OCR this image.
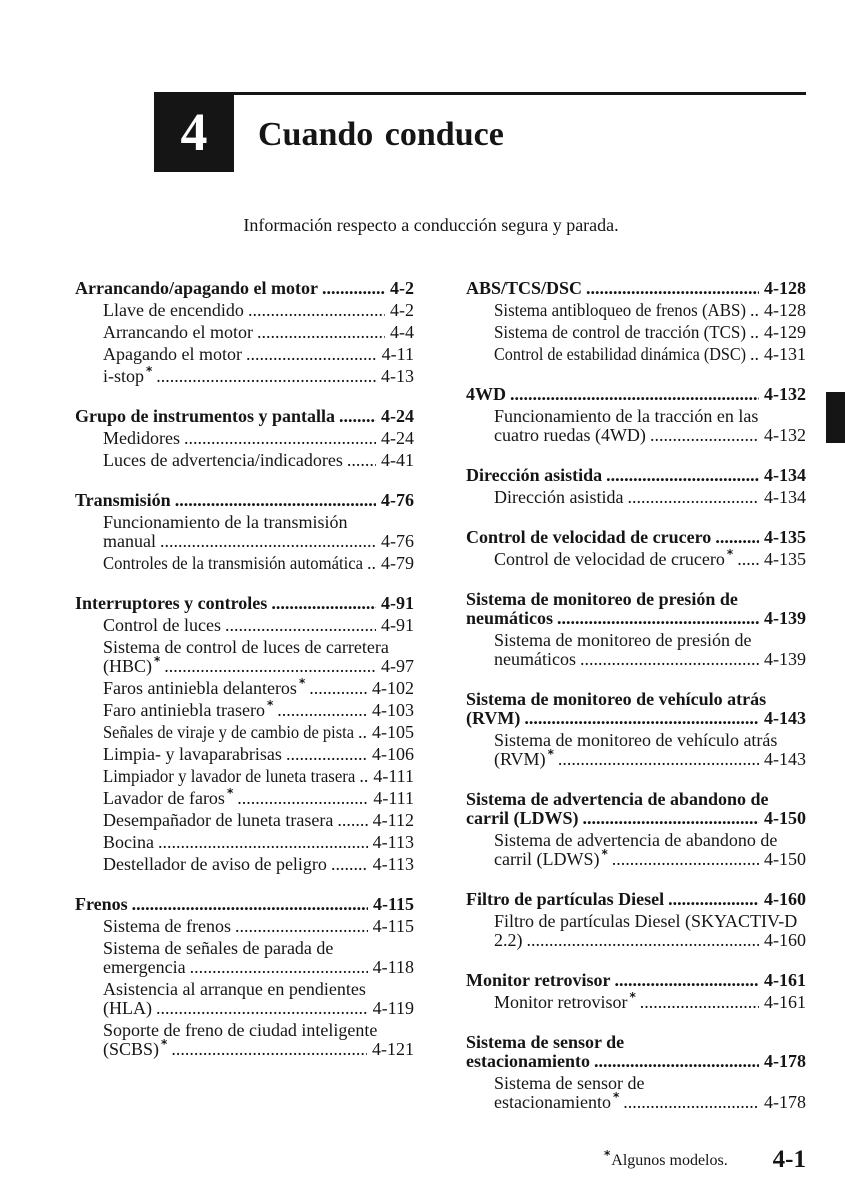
4	Cuando conduce
Información respecto a conducción segura y parada.
Arrancando/apagando el motor .....	4-2
Llave de encendido .....	4-2
Arrancando el motor .....	4-4
Apagando el motor .....	4-11
i-stop * .....	4-13
Grupo de instrumentos y pantalla .....	4-24
Medidores .....	4-24
Luces de advertencia/indicadores ..... 4-41
Transmisión .....	4-76
Funcionamiento de la transmisión
manual .....	4-76
Controles de la transmisión automática ..... 4-79
Interruptores y controles .....	4-91
Control de luces .....	4-91
Sistema de control de luces de carretera
(HBC) * .....	4-97
Faros antiniebla delanteros * .....	4-102
Faro antiniebla trasero * .....	4-103
Señales de viraje y de cambio de pista ..... 4-105
Limpia- y lavaparabrisas .....	4-106
Limpiador y lavador de luneta trasera ..... 4-111
Lavador de faros * .....	4-111
Desempañador de luneta trasera ..... 4-112
Bocina .....	4-113
Destellador de aviso de peligro .....	4-113
Frenos .....	4-115
Sistema de frenos .....	4-115
Sistema de señales de parada de
emergencia .....	4-118
Asistencia al arranque en pendientes
(HLA) .....	4-119
Soporte de freno de ciudad inteligente
(SCBS) * .....	4-121
ABS/TCS/DSC .....	4-128
Sistema antibloqueo de frenos (ABS) ..... 4-128
Sistema de control de tracción (TCS) ..... 4-129
Control de estabilidad dinámica (DSC) ..... 4-131
4WD .....	4-132
Funcionamiento de la tracción en las
cuatro ruedas (4WD) .....	4-132
Dirección asistida .....	4-134
Dirección asistida .....	4-134
Control de velocidad de crucero .....	4-135
Control de velocidad de crucero * ..... 4-135
Sistema de monitoreo de presión de
neumáticos .....	4-139
Sistema de monitoreo de presión de
neumáticos .....	4-139
Sistema de monitoreo de vehículo atrás
(RVM) .....	4-143
Sistema de monitoreo de vehículo atrás
(RVM) * .....	4-143
Sistema de advertencia de abandono de
carril (LDWS) .....	4-150
Sistema de advertencia de abandono de
carril (LDWS) * .....	4-150
Filtro de partículas Diesel .....	4-160
Filtro de partículas Diesel (SKYACTIV-D
2.2) .....	4-160
Monitor retrovisor .....	4-161
Monitor retrovisor * .....	4-161
Sistema de sensor de
estacionamiento .....	4-178
Sistema de sensor de
estacionamiento * .....	4-178
*Algunos modelos. 4-1
